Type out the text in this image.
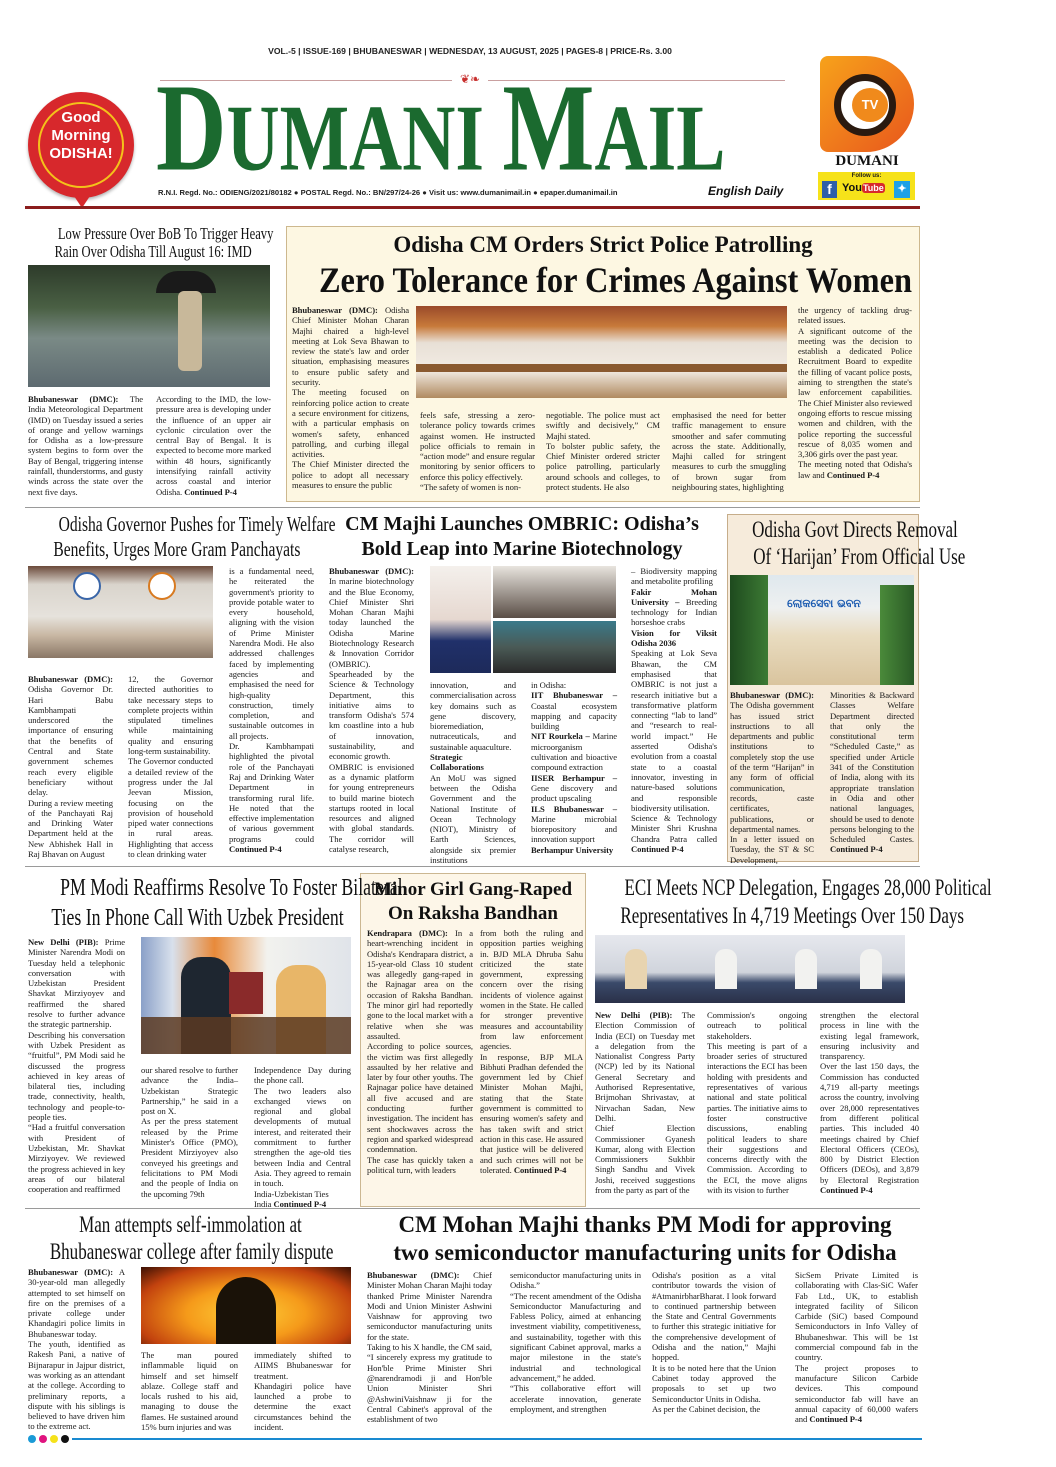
VOL.-5 | ISSUE-169 | BHUBANESWAR | WEDNESDAY, 13 AUGUST, 2025 | PAGES-8 | PRICE-Rs. 3.00
❦❧
Good
Morning
ODISHA! DUMANI MAIL
R.N.I. Regd. No.: ODIENG/2021/80182 ● POSTAL Regd. No.: BN/297/24-26 ● Visit us: www.dumanimail.in ● epaper.dumanimail.in	English Daily
TV
DUMANI
Follow us:
f YouTube	✦
Low Pressure Over BoB To Trigger Heavy
Rain Over Odisha Till August 16: IMD

Bhubaneswar (DMC): The India Meteorological Department (IMD) on Tuesday issued a series of orange and yellow warnings for Odisha as a low-pressure system begins to form over the Bay of Bengal, triggering intense rainfall, thunderstorms, and gusty winds across the state over the next five days.

According to the IMD, the low-pressure area is developing under the influence of an upper air cyclonic circulation over the central Bay of Bengal. It is expected to become more marked within 48 hours, significantly intensifying rainfall activity across coastal and interior Odisha. Continued P-4

Odisha CM Orders Strict Police Patrolling
Zero Tolerance for Crimes Against Women

Bhubaneswar (DMC): Odisha Chief Minister Mohan Charan Majhi chaired a high-level meeting at Lok Seva Bhawan to review the state's law and order situation, emphasising measures to ensure public safety and security.

The meeting focused on reinforcing police action to create a secure environment for citizens, with a particular emphasis on women's safety, enhanced patrolling, and curbing illegal activities.

The Chief Minister directed the police to adopt all necessary measures to ensure the public

feels safe, stressing a zero-tolerance policy towards crimes against women. He instructed police officials to remain in “action mode” and ensure regular monitoring by senior officers to enforce this policy effectively.

“The safety of women is non-

negotiable. The police must act swiftly and decisively,” CM Majhi stated.

To bolster public safety, the Chief Minister ordered stricter police patrolling, particularly around schools and colleges, to protect students. He also

emphasised the need for better traffic management to ensure smoother and safer commuting across the state. Additionally, Majhi called for stringent measures to curb the smuggling of brown sugar from neighbouring states, highlighting

the urgency of tackling drug-related issues.

A significant outcome of the meeting was the decision to establish a dedicated Police Recruitment Board to expedite the filling of vacant police posts, aiming to strengthen the state's law enforcement capabilities. The Chief Minister also reviewed ongoing efforts to rescue missing women and children, with the police reporting the successful rescue of 8,035 women and 3,306 girls over the past year.

The meeting noted that Odisha's law and Continued P-4

Odisha Governor Pushes for Timely Welfare
Benefits, Urges More Gram Panchayats

Bhubaneswar (DMC): Odisha Governor Dr. Hari Babu Kambhampati underscored the importance of ensuring that the benefits of Central and State government schemes reach every eligible beneficiary without delay.

During a review meeting of the Panchayati Raj and Drinking Water Department held at the New Abhishek Hall in Raj Bhavan on August

12, the Governor directed authorities to take necessary steps to complete projects within stipulated timelines while maintaining quality and ensuring long-term sustainability.

The Governor conducted a detailed review of the progress under the Jal Jeevan Mission, focusing on the provision of household piped water connections in rural areas. Highlighting that access to clean drinking water

is a fundamental need, he reiterated the government's priority to provide potable water to every household, aligning with the vision of Prime Minister Narendra Modi. He also addressed challenges faced by implementing agencies and emphasised the need for high-quality construction, timely completion, and sustainable outcomes in all projects.

Dr. Kambhampati highlighted the pivotal role of the Panchayati Raj and Drinking Water Department in transforming rural life. He noted that the effective implementation of various government programs could Continued P-4

CM Majhi Launches OMBRIC: Odisha’s
Bold Leap into Marine Biotechnology

Bhubaneswar (DMC): In marine biotechnology and the Blue Economy, Chief Minister Shri Mohan Charan Majhi today launched the Odisha Marine Biotechnology Research & Innovation Corridor (OMBRIC).

Spearheaded by the Science & Technology Department, this initiative aims to transform Odisha's 574 km coastline into a hub of innovation, sustainability, and economic growth.

OMBRIC is envisioned as a dynamic platform for young entrepreneurs to build marine biotech startups rooted in local resources and aligned with global standards. The corridor will catalyse research,

innovation, and commercialisation across key domains such as gene discovery, bioremediation, nutraceuticals, and sustainable aquaculture.

Strategic Collaborations

An MoU was signed between the Odisha Government and the National Institute of Ocean Technology (NIOT), Ministry of Earth Sciences, alongside six premier institutions

in Odisha:

IIT Bhubaneswar – Coastal ecosystem mapping and capacity building

NIT Rourkela – Marine microorganism cultivation and bioactive compound extraction

IISER Berhampur – Gene discovery and product upscaling

ILS Bhubaneswar – Marine microbial biorepository and innovation support

Berhampur University

– Biodiversity mapping and metabolite profiling

Fakir Mohan University – Breeding technology for Indian horseshoe crabs

Vision for Viksit Odisha 2036

Speaking at Lok Seva Bhawan, the CM emphasised that OMBRIC is not just a research initiative but a transformative platform connecting “lab to land” and “research to real-world impact.” He asserted Odisha's evolution from a coastal state to a coastal innovator, investing in nature-based solutions and responsible biodiversity utilisation.

Science & Technology Minister Shri Krushna Chandra Patra called Continued P-4

Odisha Govt Directs Removal
Of ‘Harijan’ From Official Use
ଲୋକସେବା ଭବନ

Bhubaneswar (DMC): The Odisha government has issued strict instructions to all departments and public institutions to completely stop the use of the term “Harijan” in any form of official communication, records, caste certificates, publications, or departmental names.

In a letter issued on Tuesday, the ST & SC Development,

Minorities & Backward Classes Welfare Department directed that only the constitutional term “Scheduled Caste,” as specified under Article 341 of the Constitution of India, along with its appropriate translation in Odia and other national languages, should be used to denote persons belonging to the Scheduled Castes. Continued P-4

PM Modi Reaffirms Resolve To Foster Bilateral
Ties In Phone Call With Uzbek President

New Delhi (PIB): Prime Minister Narendra Modi on Tuesday held a telephonic conversation with Uzbekistan President Shavkat Mirziyoyev and reaffirmed the shared resolve to further advance the strategic partnership.

Describing his conversation with Uzbek President as “fruitful”, PM Modi said he discussed the progress achieved in key areas of bilateral ties, including trade, connectivity, health, technology and people-to-people ties.

“Had a fruitful conversation with President of Uzbekistan, Mr. Shavkat Mirziyoyev. We reviewed the progress achieved in key areas of our bilateral cooperation and reaffirmed

our shared resolve to further advance the India–Uzbekistan Strategic Partnership,” he said in a post on X.

As per the press statement released by the Prime Minister's Office (PMO), President Mirziyoyev also conveyed his greetings and felicitations to PM Modi and the people of India on the upcoming 79th

Independence Day during the phone call.

The two leaders also exchanged views on regional and global developments of mutual interest, and reiterated their commitment to further strengthen the age-old ties between India and Central Asia. They agreed to remain in touch.

India-Uzbekistan Ties

India Continued P-4

Minor Girl Gang-Raped
On Raksha Bandhan

Kendrapara (DMC): In a heart-wrenching incident in Odisha's Kendrapara district, a 15-year-old Class 10 student was allegedly gang-raped in the Rajnagar area on the occasion of Raksha Bandhan. The minor girl had reportedly gone to the local market with a relative when she was assaulted.

According to police sources, the victim was first allegedly assaulted by her relative and later by four other youths. The Rajnagar police have detained all five accused and are conducting further investigation. The incident has sent shockwaves across the region and sparked widespread condemnation.

The case has quickly taken a political turn, with leaders

from both the ruling and opposition parties weighing in. BJD MLA Dhruba Sahu criticized the state government, expressing concern over the rising incidents of violence against women in the State. He called for stronger preventive measures and accountability from law enforcement agencies.

In response, BJP MLA Bibhuti Pradhan defended the government led by Chief Minister Mohan Majhi, stating that the State government is committed to ensuring women's safety and has taken swift and strict action in this case. He assured that justice will be delivered and such crimes will not be tolerated. Continued P-4

ECI Meets NCP Delegation, Engages 28,000 Political
Representatives In 4,719 Meetings Over 150 Days

New Delhi (PIB): The Election Commission of India (ECI) on Tuesday met a delegation from the Nationalist Congress Party (NCP) led by its National General Secretary and Authorised Representative, Brijmohan Shrivastav, at Nirvachan Sadan, New Delhi.

Chief Election Commissioner Gyanesh Kumar, along with Election Commissioners Sukhbir Singh Sandhu and Vivek Joshi, received suggestions from the party as part of the

Commission's ongoing outreach to political stakeholders.

This meeting is part of a broader series of structured interactions the ECI has been holding with presidents and representatives of various national and state political parties. The initiative aims to foster constructive discussions, enabling political leaders to share their suggestions and concerns directly with the Commission. According to the ECI, the move aligns with its vision to further

strengthen the electoral process in line with the existing legal framework, ensuring inclusivity and transparency.

Over the last 150 days, the Commission has conducted 4,719 all-party meetings across the country, involving over 28,000 representatives from different political parties. This included 40 meetings chaired by Chief Electoral Officers (CEOs), 800 by District Election Officers (DEOs), and 3,879 by Electoral Registration Continued P-4

Man attempts self-immolation at
Bhubaneswar college after family dispute

Bhubaneswar (DMC): A 30-year-old man allegedly attempted to set himself on fire on the premises of a private college under Khandagiri police limits in Bhubaneswar today.

The youth, identified as Rakesh Pani, a native of Bijnarapur in Jajpur district, was working as an attendant at the college. According to preliminary reports, a dispute with his siblings is believed to have driven him to the extreme act.

The man poured inflammable liquid on himself and set himself ablaze. College staff and locals rushed to his aid, managing to douse the flames. He sustained around 15% burn injuries and was

immediately shifted to AIIMS Bhubaneswar for treatment.

Khandagiri police have launched a probe to determine the exact circumstances behind the incident.

CM Mohan Majhi thanks PM Modi for approving
two semiconductor manufacturing units for Odisha

Bhubaneswar (DMC): Chief Minister Mohan Charan Majhi today thanked Prime Minister Narendra Modi and Union Minister Ashwini Vaishnaw for approving two semiconductor manufacturing units for the state.

Taking to his X handle, the CM said, “I sincerely express my gratitude to Hon'ble Prime Minister Shri @narendramodi ji and Hon'ble Union Minister Shri @AshwiniVaishnaw ji for the Central Cabinet's approval of the establishment of two

semiconductor manufacturing units in Odisha.”

“The recent amendment of the Odisha Semiconductor Manufacturing and Fabless Policy, aimed at enhancing investment viability, competitiveness, and sustainability, together with this significant Cabinet approval, marks a major milestone in the state's industrial and technological advancement,” he added.

“This collaborative effort will accelerate innovation, generate employment, and strengthen

Odisha's position as a vital contributor towards the vision of #AtmanirbharBharat. I look forward to continued partnership between the State and Central Governments to further this strategic initiative for the comprehensive development of Odisha and the nation,” Majhi hopped.

It is to be noted here that the Union Cabinet today approved the proposals to set up two Semiconductor Units in Odisha.

As per the Cabinet decision, the

SicSem Private Limited is collaborating with Clas-SiC Wafer Fab Ltd., UK, to establish integrated facility of Silicon Carbide (SiC) based Compound Semiconductors in Info Valley of Bhubaneshwar. This will be 1st commercial compound fab in the country.

The project proposes to manufacture Silicon Carbide devices. This compound semiconductor fab will have an annual capacity of 60,000 wafers and Continued P-4
